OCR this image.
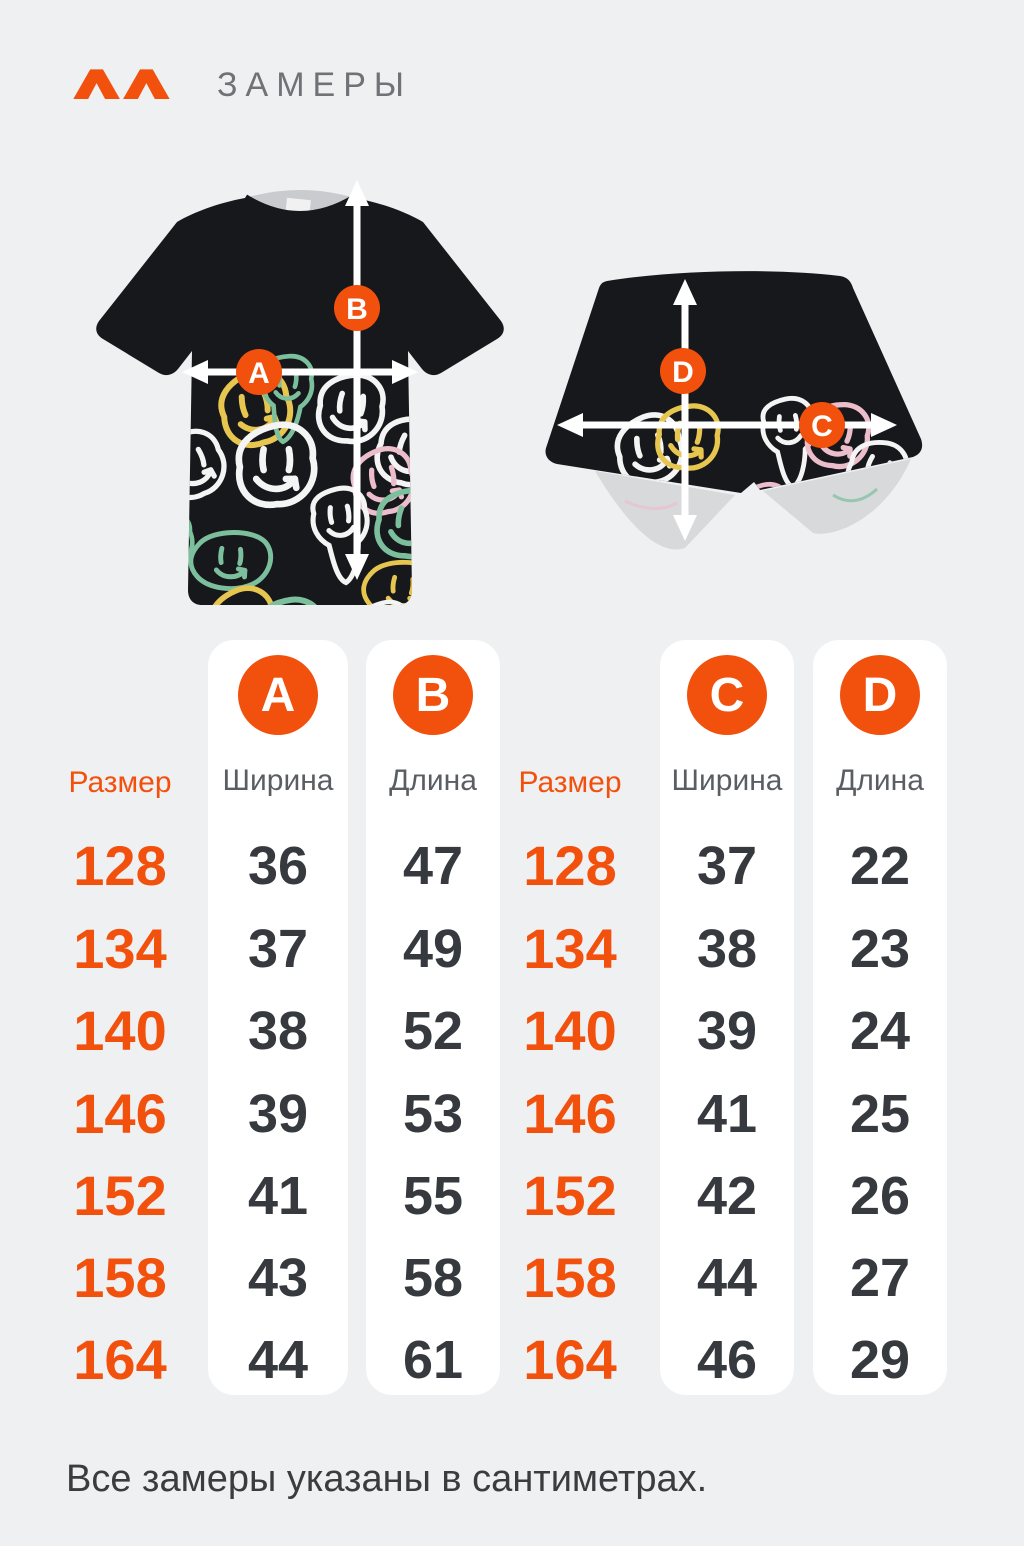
ЗАМЕРЫ
A
B
D
C
Размер
128
134
140
146
152
158
164
A
Ширина
36
37
38
39
41
43
44
B
Длина
47
49
52
53
55
58
61
Размер
128
134
140
146
152
158
164
C
Ширина
37
38
39
41
42
44
46
D
Длина
22
23
24
25
26
27
29
Все замеры указаны в сантиметрах.
